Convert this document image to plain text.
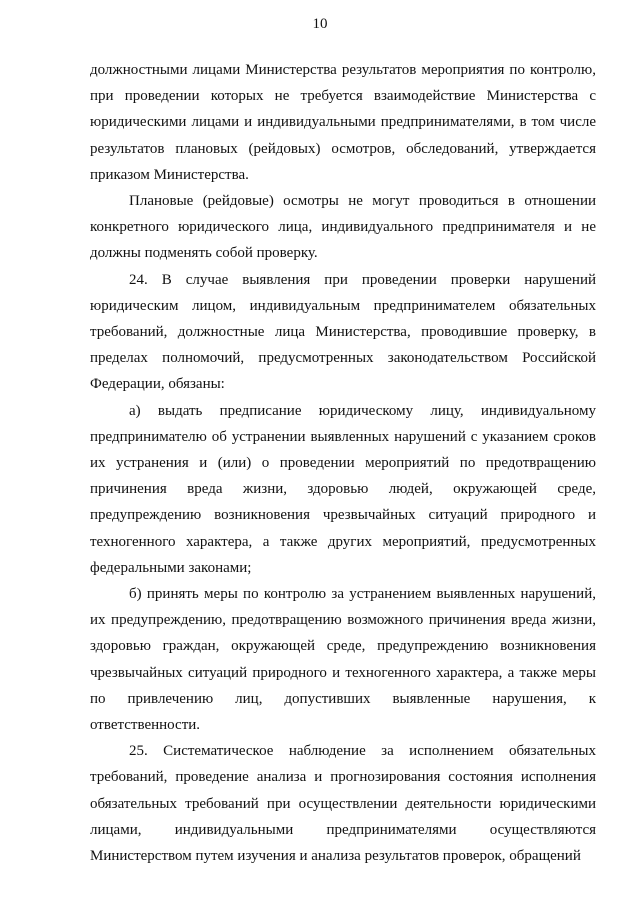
10

должностными лицами Министерства результатов мероприятия по контролю, при проведении которых не требуется взаимодействие Министерства с юридическими лицами и индивидуальными предпринимателями, в том числе результатов плановых (рейдовых) осмотров, обследований, утверждается приказом Министерства.

Плановые (рейдовые) осмотры не могут проводиться в отношении конкретного юридического лица, индивидуального предпринимателя и не должны подменять собой проверку.

24. В случае выявления при проведении проверки нарушений юридическим лицом, индивидуальным предпринимателем обязательных требований, должностные лица Министерства, проводившие проверку, в пределах полномочий, предусмотренных законодательством Российской Федерации, обязаны:

а) выдать предписание юридическому лицу, индивидуальному предпринимателю об устранении выявленных нарушений с указанием сроков их устранения и (или) о проведении мероприятий по предотвращению причинения вреда жизни, здоровью людей, окружающей среде, предупреждению возникновения чрезвычайных ситуаций природного и техногенного характера, а также других мероприятий, предусмотренных федеральными законами;

б) принять меры по контролю за устранением выявленных нарушений, их предупреждению, предотвращению возможного причинения вреда жизни, здоровью граждан, окружающей среде, предупреждению возникновения чрезвычайных ситуаций природного и техногенного характера, а также меры по привлечению лиц, допустивших выявленные нарушения, к ответственности.

25. Систематическое наблюдение за исполнением обязательных требований, проведение анализа и прогнозирования состояния исполнения обязательных требований при осуществлении деятельности юридическими лицами, индивидуальными предпринимателями осуществляются Министерством путем изучения и анализа результатов проверок, обращений
